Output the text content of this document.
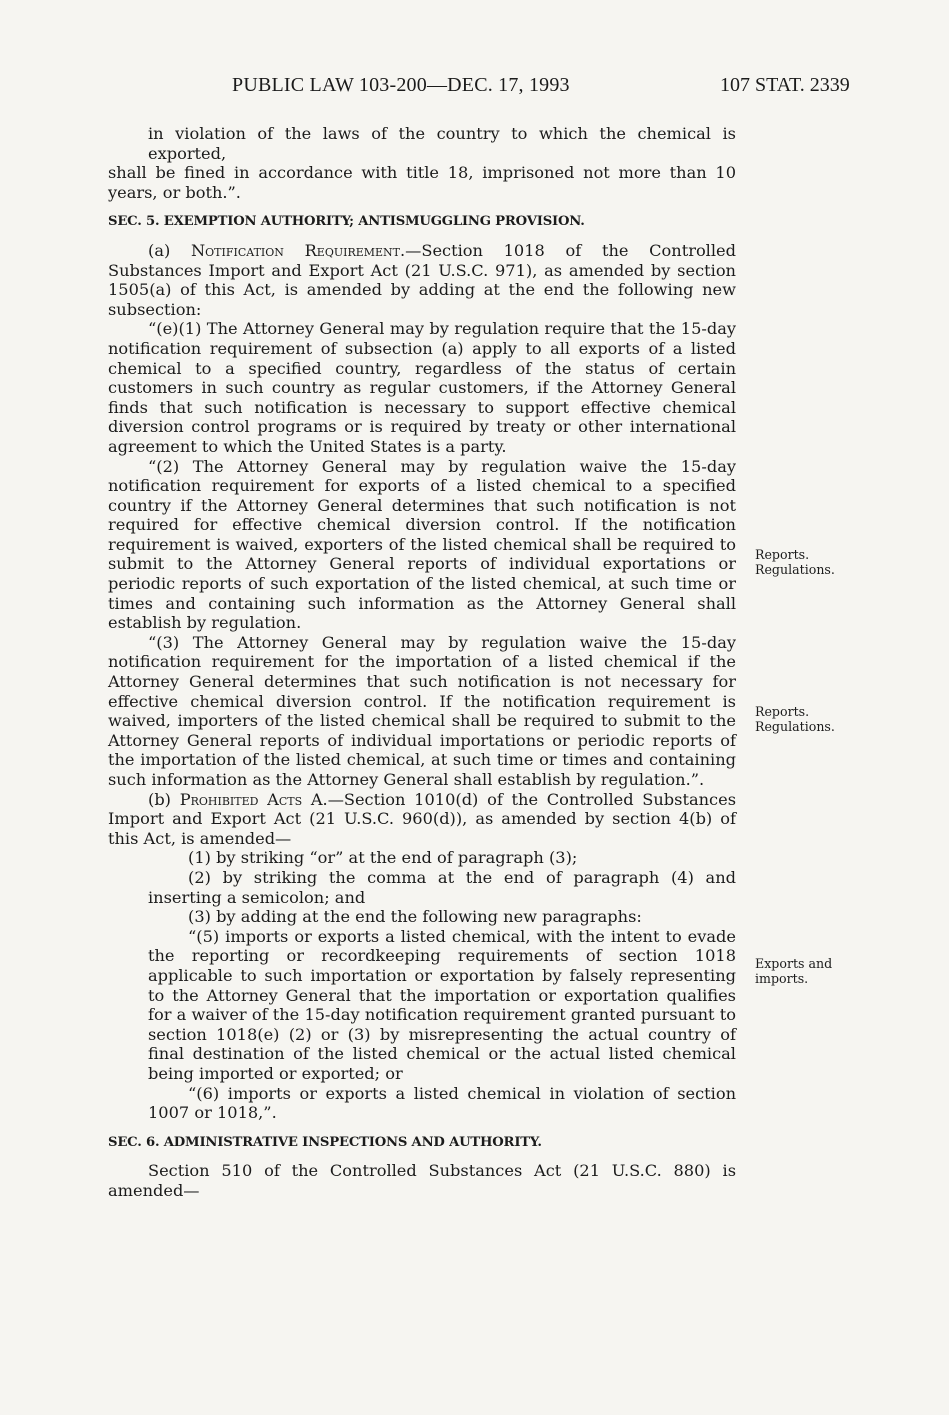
PUBLIC LAW 103-200—DEC. 17, 1993	107 STAT. 2339

in violation of the laws of the country to which the chemical is exported,

shall be fined in accordance with title 18, imprisoned not more than 10 years, or both.”.

SEC. 5. EXEMPTION AUTHORITY; ANTISMUGGLING PROVISION.

(a) Notification Requirement.—Section 1018 of the Controlled Substances Import and Export Act (21 U.S.C. 971), as amended by section 1505(a) of this Act, is amended by adding at the end the following new subsection:

“(e)(1) The Attorney General may by regulation require that the 15-day notification requirement of subsection (a) apply to all exports of a listed chemical to a specified country, regardless of the status of certain customers in such country as regular customers, if the Attorney General finds that such notification is necessary to support effective chemical diversion control programs or is required by treaty or other international agreement to which the United States is a party.

“(2) The Attorney General may by regulation waive the 15-day notification requirement for exports of a listed chemical to a specified country if the Attorney General determines that such notification is not required for effective chemical diversion control. If the notification requirement is waived, exporters of the listed chemical shall be required to submit to the Attorney General reports of individual exportations or periodic reports of such exportation of the listed chemical, at such time or times and containing such information as the Attorney General shall establish by regulation.

“(3) The Attorney General may by regulation waive the 15-day notification requirement for the importation of a listed chemical if the Attorney General determines that such notification is not necessary for effective chemical diversion control. If the notification requirement is waived, importers of the listed chemical shall be required to submit to the Attorney General reports of individual importations or periodic reports of the importation of the listed chemical, at such time or times and containing such information as the Attorney General shall establish by regulation.”.

(b) Prohibited Acts A.—Section 1010(d) of the Controlled Substances Import and Export Act (21 U.S.C. 960(d)), as amended by section 4(b) of this Act, is amended—

(1) by striking “or” at the end of paragraph (3);

(2) by striking the comma at the end of paragraph (4) and inserting a semicolon; and

(3) by adding at the end the following new paragraphs:

“(5) imports or exports a listed chemical, with the intent to evade the reporting or recordkeeping requirements of section 1018 applicable to such importation or exportation by falsely representing to the Attorney General that the importation or exportation qualifies for a waiver of the 15-day notification requirement granted pursuant to section 1018(e) (2) or (3) by misrepresenting the actual country of final destination of the listed chemical or the actual listed chemical being imported or exported; or

“(6) imports or exports a listed chemical in violation of section 1007 or 1018,”.

SEC. 6. ADMINISTRATIVE INSPECTIONS AND AUTHORITY.

Section 510 of the Controlled Substances Act (21 U.S.C. 880) is amended—

Reports.
Regulations.
Reports.
Regulations.
Exports and
imports.
